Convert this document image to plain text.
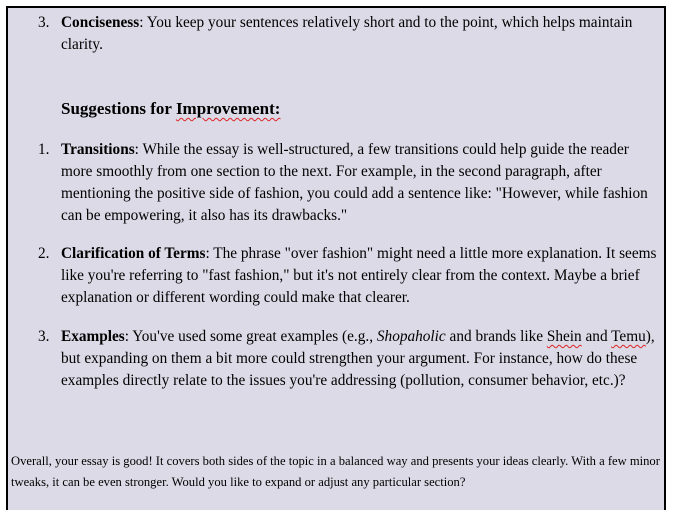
3. Conciseness: You keep your sentences relatively short and to the point, which helps maintain clarity.
Suggestions for Improvement:
1. Transitions: While the essay is well-structured, a few transitions could help guide the reader more smoothly from one section to the next. For example, in the second paragraph, after mentioning the positive side of fashion, you could add a sentence like: "However, while fashion can be empowering, it also has its drawbacks."
2. Clarification of Terms: The phrase "over fashion" might need a little more explanation. It seems like you're referring to "fast fashion," but it's not entirely clear from the context. Maybe a brief explanation or different wording could make that clearer.
3. Examples: You've used some great examples (e.g., Shopaholic and brands like Shein and Temu), but expanding on them a bit more could strengthen your argument. For instance, how do these examples directly relate to the issues you're addressing (pollution, consumer behavior, etc.)?
Overall, your essay is good! It covers both sides of the topic in a balanced way and presents your ideas clearly. With a few minor tweaks, it can be even stronger. Would you like to expand or adjust any particular section?
